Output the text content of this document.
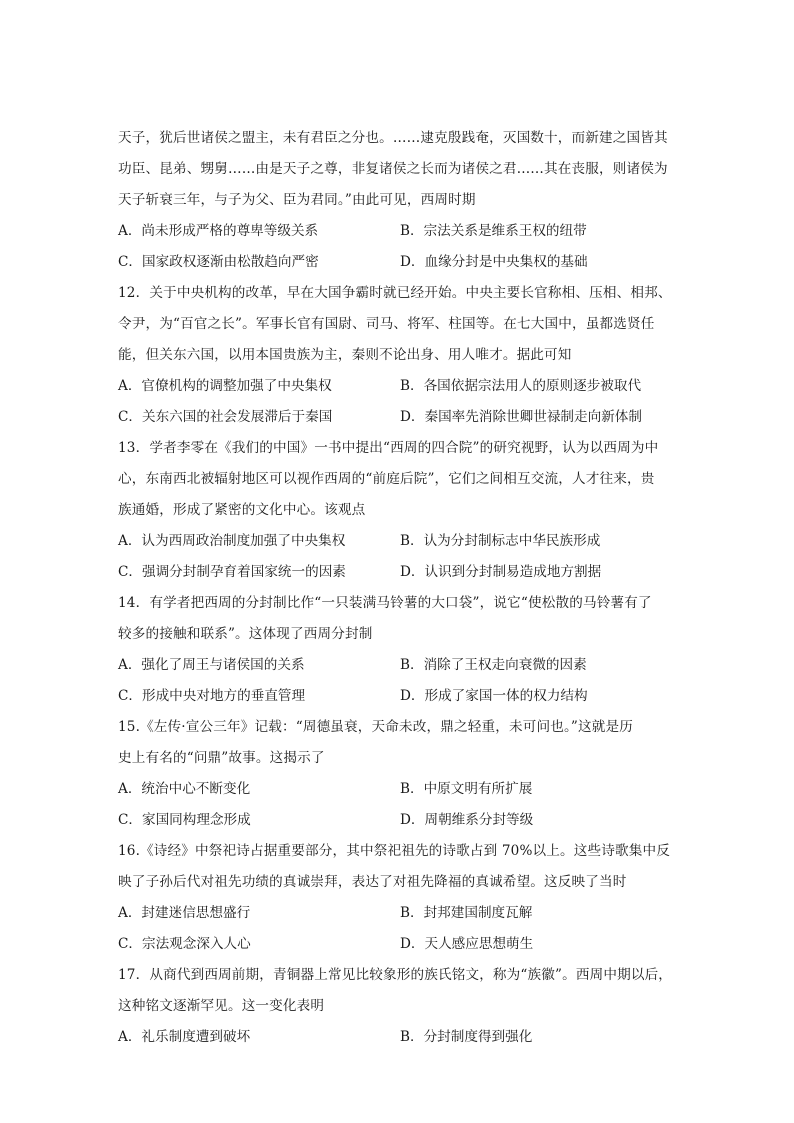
天子，犹后世诸侯之盟主，未有君臣之分也。……逮克殷践奄，灭国数十，而新建之国皆其
功臣、昆弟、甥舅……由是天子之尊，非复诸侯之长而为诸侯之君……其在丧服，则诸侯为
天子斩衰三年，与子为父、臣为君同。”由此可见，西周时期
A．尚未形成严格的尊卑等级关系	B．宗法关系是维系王权的纽带
C．国家政权逐渐由松散趋向严密	D．血缘分封是中央集权的基础
12．关于中央机构的改革，早在大国争霸时就已经开始。中央主要长官称相、压相、相邦、
令尹，为“百官之长”。军事长官有国尉、司马、将军、柱国等。在七大国中，虽都选贤任
能，但关东六国，以用本国贵族为主，秦则不论出身、用人唯才。据此可知
A．官僚机构的调整加强了中央集权	B．各国依据宗法用人的原则逐步被取代
C．关东六国的社会发展滞后于秦国	D．秦国率先消除世卿世禄制走向新体制
13．学者李零在《我们的中国》一书中提出“西周的四合院”的研究视野，认为以西周为中
心，东南西北被辐射地区可以视作西周的“前庭后院”，它们之间相互交流，人才往来，贵
族通婚，形成了紧密的文化中心。该观点
A．认为西周政治制度加强了中央集权	B．认为分封制标志中华民族形成
C．强调分封制孕育着国家统一的因素	D．认识到分封制易造成地方割据
14．有学者把西周的分封制比作“一只装满马铃薯的大口袋”，说它“使松散的马铃薯有了
较多的接触和联系”。这体现了西周分封制
A．强化了周王与诸侯国的关系	B．消除了王权走向衰微的因素
C．形成中央对地方的垂直管理	D．形成了家国一体的权力结构
15.《左传·宣公三年》记载：“周德虽衰，天命未改，鼎之轻重，未可问也。”这就是历
史上有名的“问鼎”故事。这揭示了
A．统治中心不断变化	B．中原文明有所扩展
C．家国同构理念形成	D．周朝维系分封等级
16.《诗经》中祭祀诗占据重要部分，其中祭祀祖先的诗歌占到 70%以上。这些诗歌集中反
映了子孙后代对祖先功绩的真诚崇拜，表达了对祖先降福的真诚希望。这反映了当时
A．封建迷信思想盛行	B．封邦建国制度瓦解
C．宗法观念深入人心	D．天人感应思想萌生
17．从商代到西周前期，青铜器上常见比较象形的族氏铭文，称为“族徽”。西周中期以后，
这种铭文逐渐罕见。这一变化表明
A．礼乐制度遭到破坏	B．分封制度得到强化
